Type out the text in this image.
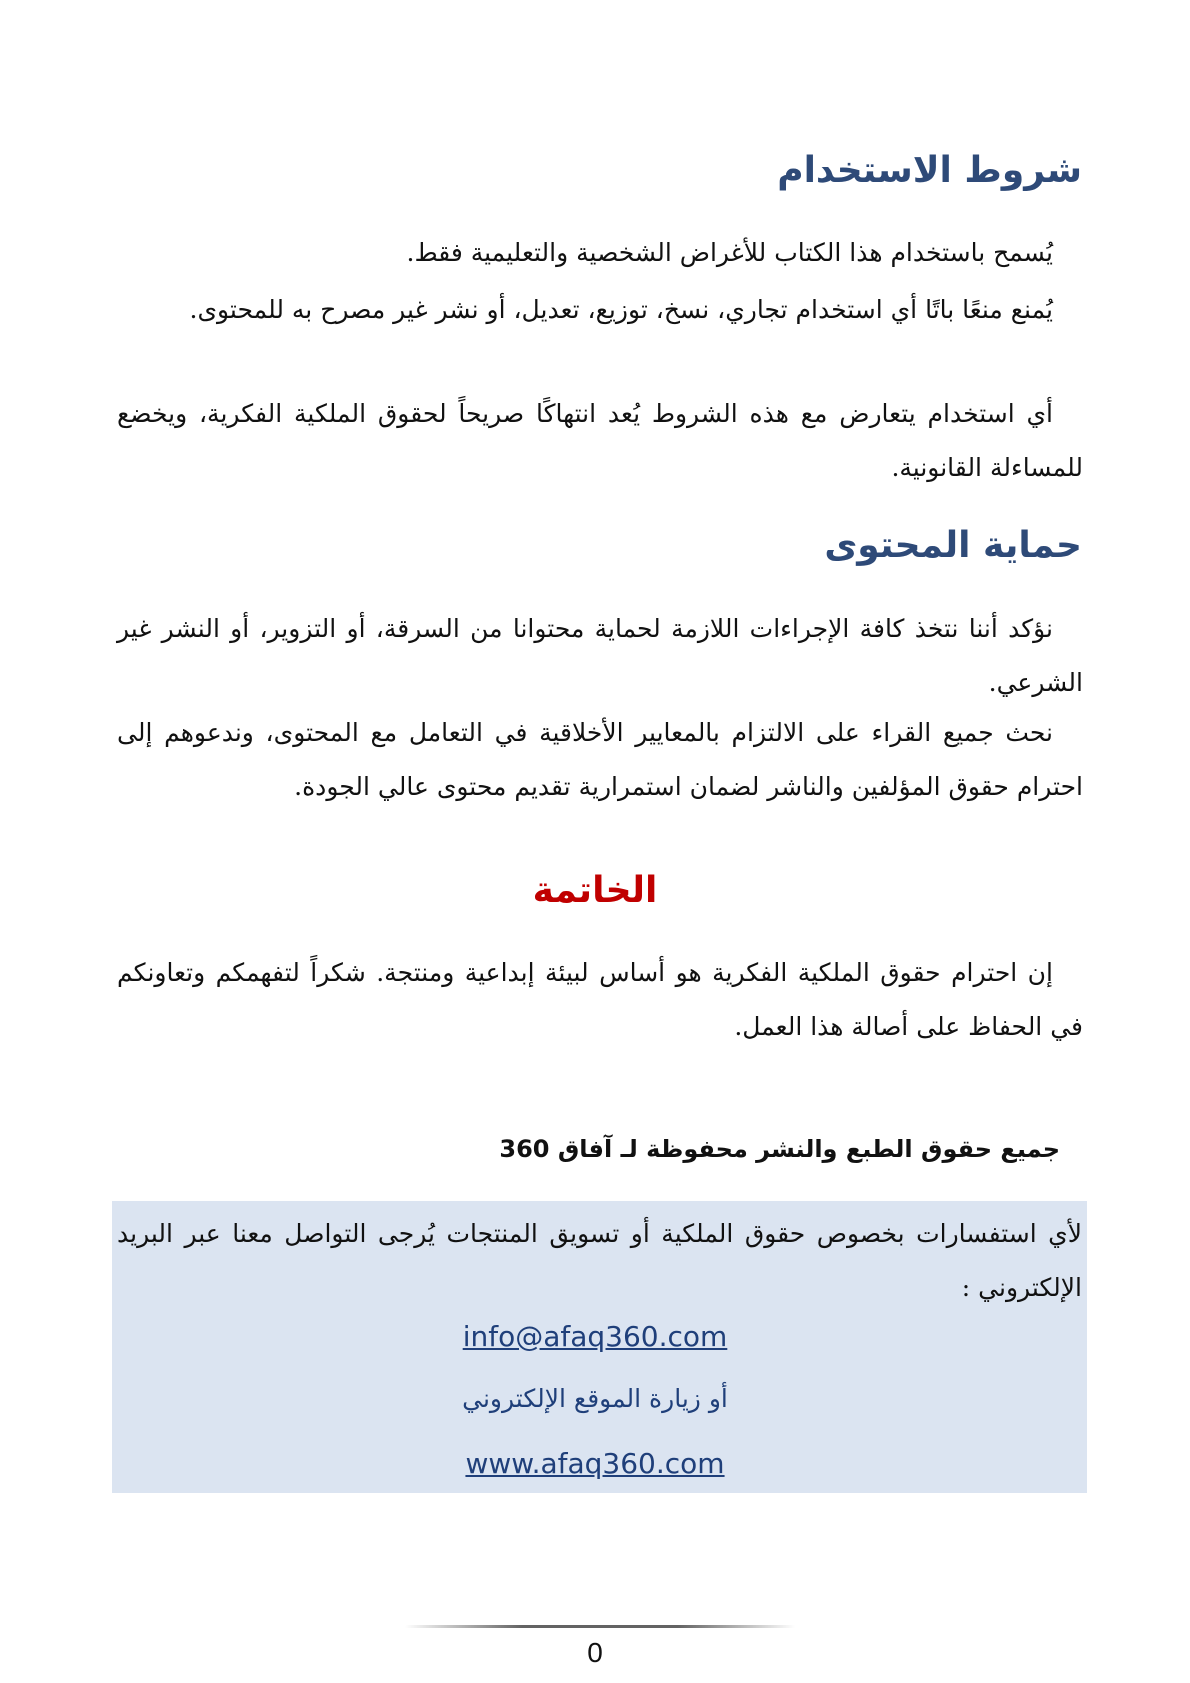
شروط الاستخدام

يُسمح باستخدام هذا الكتاب للأغراض الشخصية والتعليمية فقط.

يُمنع منعًا باتًا أي استخدام تجاري، نسخ، توزيع، تعديل، أو نشر غير مصرح به للمحتوى.

أي استخدام يتعارض مع هذه الشروط يُعد انتهاكًا صريحاً لحقوق الملكية الفكرية، ويخضع للمساءلة القانونية.

حماية المحتوى

نؤكد أننا نتخذ كافة الإجراءات اللازمة لحماية محتوانا من السرقة، أو التزوير، أو النشر غير الشرعي.

نحث جميع القراء على الالتزام بالمعايير الأخلاقية في التعامل مع المحتوى، وندعوهم إلى احترام حقوق المؤلفين والناشر لضمان استمرارية تقديم محتوى عالي الجودة.

الخاتمة

إن احترام حقوق الملكية الفكرية هو أساس لبيئة إبداعية ومنتجة. شكراً لتفهمكم وتعاونكم في الحفاظ على أصالة هذا العمل.

جميع حقوق الطبع والنشر محفوظة لـ آفاق 360

لأي استفسارات بخصوص حقوق الملكية أو تسويق المنتجات يُرجى التواصل معنا عبر البريد الإلكتروني :

info@afaq360.com
أو زيارة الموقع الإلكتروني
www.afaq360.com
0
